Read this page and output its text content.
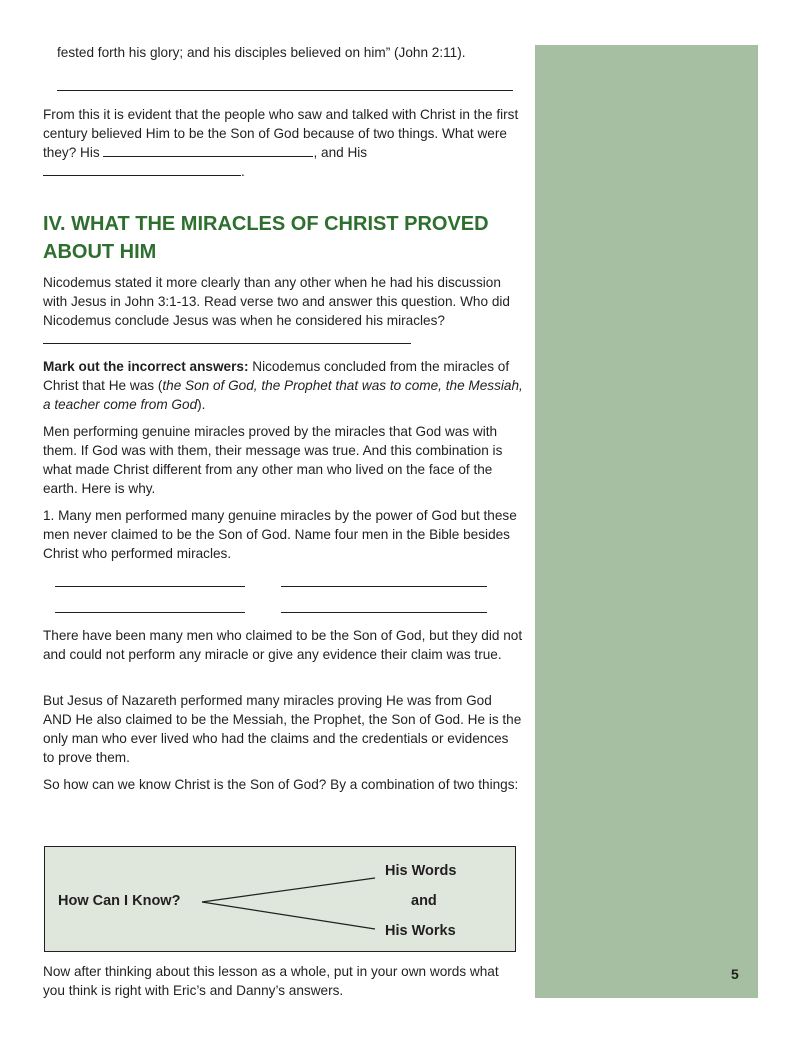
5

fested forth his glory; and his disciples believed on him” (John 2:11).

From this it is evident that the people who saw and talked with Christ in the first century believed Him to be the Son of God because of two things. What were they? His	, and His .

IV. WHAT THE MIRACLES OF CHRIST PROVED ABOUT HIM

Nicodemus stated it more clearly than any other when he had his discussion with Jesus in John 3:1-13. Read verse two and answer this question. Who did Nicodemus conclude Jesus was when he considered his miracles?

Mark out the incorrect answers: Nicodemus concluded from the miracles of Christ that He was (the Son of God, the Prophet that was to come, the Messiah, a teacher come from God).

Men performing genuine miracles proved by the miracles that God was with them. If God was with them, their message was true. And this combination is what made Christ different from any other man who lived on the face of the earth. Here is why.

1. Many men performed many genuine miracles by the power of God but these men never claimed to be the Son of God. Name four men in the Bible besides Christ who performed miracles.

There have been many men who claimed to be the Son of God, but they did not and could not perform any miracle or give any evidence their claim was true.

But Jesus of Nazareth performed many miracles proving He was from God AND He also claimed to be the Messiah, the Prophet, the Son of God. He is the only man who ever lived who had the claims and the credentials or evidences to prove them.

So how can we know Christ is the Son of God? By a combination of two things:

How Can I Know?
His Words
and
His Works

Now after thinking about this lesson as a whole, put in your own words what you think is right with Eric’s and Danny’s answers.
